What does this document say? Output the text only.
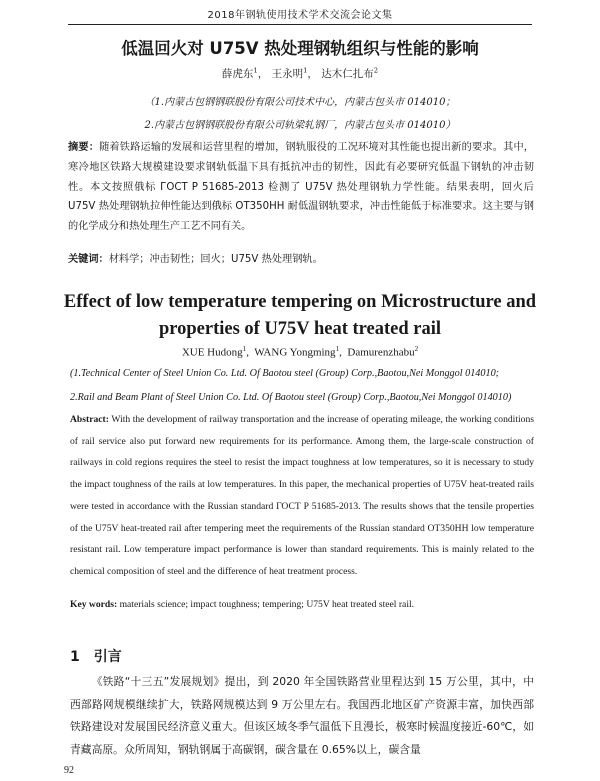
2018年钢轨使用技术学术交流会论文集
低温回火对 U75V 热处理钢轨组织与性能的影响
薛虎东$^1$， 王永明$^1$， 达木仁扎布$^2$
（1.内蒙古包钢钢联股份有限公司技术中心，内蒙古包头市 014010；
2.内蒙古包钢钢联股份有限公司轨梁轧钢厂，内蒙古包头市 014010）
摘要：随着铁路运输的发展和运营里程的增加，钢轨服役的工况环境对其性能也提出新的要求。其中，寒冷地区铁路大规模建设要求钢轨低温下具有抵抗冲击的韧性，因此有必要研究低温下钢轨的冲击韧性。本文按照俄标 ГОСТ Р 51685-2013 检测了 U75V 热处理钢轨力学性能。结果表明，回火后 U75V 热处理钢轨拉伸性能达到俄标 ОТ350НН 耐低温钢轨要求，冲击性能低于标准要求。这主要与钢的化学成分和热处理生产工艺不同有关。
关键词：材料学；冲击韧性；回火；U75V 热处理钢轨。
Effect of low temperature tempering on Microstructure and properties of U75V heat treated rail
XUE Hudong$^1$,  WANG Yongming$^1$,  Damurenzhabu$^2$
(1.Technical Center of Steel Union Co. Ltd. Of Baotou steel (Group) Corp.,Baotou,Nei Monggol 014010;
2.Rail and Beam Plant of Steel Union Co. Ltd. Of Baotou steel (Group) Corp.,Baotou,Nei Monggol 014010)
Abstract: With the development of railway transportation and the increase of operating mileage, the working conditions of rail service also put forward new requirements for its performance. Among them, the large-scale construction of railways in cold regions requires the steel to resist the impact toughness at low temperatures, so it is necessary to study the impact toughness of the rails at low temperatures. In this paper, the mechanical properties of U75V heat-treated rails were tested in accordance with the Russian standard ГОСТ Р 51685-2013. The results shows that the tensile properties of the U75V heat-treated rail after tempering meet the requirements of the Russian standard OT350HH low temperature resistant rail. Low temperature impact performance is lower than standard requirements. This is mainly related to the chemical composition of steel and the difference of heat treatment process.
Key words: materials science; impact toughness; tempering; U75V heat treated steel rail.
1 引言
《铁路“十三五”发展规划》提出，到 2020 年全国铁路营业里程达到 15 万公里，其中，中西部路网规模继续扩大，铁路网规模达到 9 万公里左右。我国西北地区矿产资源丰富，加快西部铁路建设对发展国民经济意义重大。但该区域冬季气温低下且漫长，极寒时候温度接近-60℃，如青藏高原。众所周知，钢轨钢属于高碳钢，碳含量在 0.65%以上，碳含量
92
